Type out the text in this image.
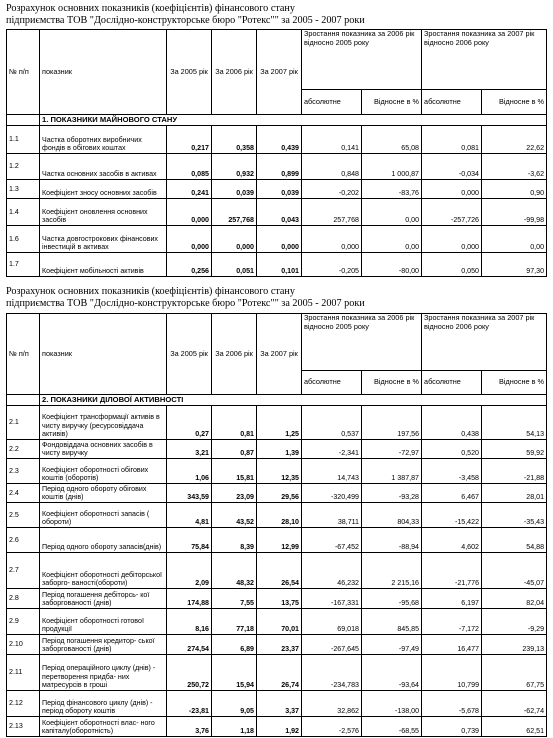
Розрахунок основних показників (коефіцієнтів) фінансового стану
підприємства ТОВ "Дослідно-конструкторське бюро "Ротекс"" за 2005 - 2007 роки
№ п/п	показник	За 2005 рік	За 2006 рік	За 2007 рік	Зростання показника за 2006 рік відносно 2005 року		Зростання показника за 2007 рік відносно 2006 року	
					абсолютне	Відносне в %	абсолютне	Відносне в %
	1. ПОКАЗНИКИ МАЙНОВОГО СТАНУ							
1.1	Частка оборотних виробничих фондів в обігових коштах	0,217	0,358	0,439	0,141	65,08	0,081	22,62
1.2	Частка основних засобів в активах	0,085	0,932	0,899	0,848	1 000,87	-0,034	-3,62
1.3	Коефіцієнт зносу основних засобів	0,241	0,039	0,039	-0,202	-83,76	0,000	0,90
1.4	Коефіцієнт оновлення основних засобів	0,000	257,768	0,043	257,768	0,00	-257,726	-99,98
1.6	Частка довгострокових фінансових інвестицій в активах	0,000	0,000	0,000	0,000	0,00	0,000	0,00
1.7	Коефіцієнт мобільності активів	0,256	0,051	0,101	-0,205	-80,00	0,050	97,30
Розрахунок основних показників (коефіцієнтів) фінансового стану
підприємства ТОВ "Дослідно-конструкторське бюро "Ротекс"" за 2005 - 2007 роки
№ п/п	показник	За 2005 рік	За 2006 рік	За 2007 рік	Зростання показника за 2006 рік відносно 2005 року		Зростання показника за 2007 рік відносно 2006 року	
					абсолютне	Відносне в %	абсолютне	Відносне в %
	2. ПОКАЗНИКИ ДІЛОВОЇ АКТИВНОСТІ							
2.1	Коефіцієнт трансформації активів в чисту виручку (ресурсовіддача активів)	0,27	0,81	1,25	0,537	197,56	0,438	54,13
2.2	Фондовіддача основних засобів в чисту виручку	3,21	0,87	1,39	-2,341	-72,97	0,520	59,92
2.3	Коефіцієнт оборотності обігових коштів (оборотів)	1,06	15,81	12,35	14,743	1 387,87	-3,458	-21,88
2.4	Період одного обороту обігових коштів (днів)	343,59	23,09	29,56	-320,499	-93,28	6,467	28,01
2.5	Коефіцієнт оборотності запасів ( обороти)	4,81	43,52	28,10	38,711	804,33	-15,422	-35,43
2.6	Період одного обороту запасів(днів)	75,84	8,39	12,99	-67,452	-88,94	4,602	54,88
2.7	Коефіцієнт оборотності дебіторської заборго- ваності(обороти)	2,09	48,32	26,54	46,232	2 215,16	-21,776	-45,07
2.8	Період погашення дебіторсь- кої заборгованості (днів)	174,88	7,55	13,75	-167,331	-95,68	6,197	82,04
2.9	Коефіцієнт оборотності готової продукції	8,16	77,18	70,01	69,018	845,85	-7,172	-9,29
2.10	Період погашення кредитор- ської заборгованості (днів)	274,54	6,89	23,37	-267,645	-97,49	16,477	239,13
2.11	Період операційного циклу (днів) - перетворення придба- них матресурсів в гроші	250,72	15,94	26,74	-234,783	-93,64	10,799	67,75
2.12	Період фінансового циклу (днів) - період обороту коштів	-23,81	9,05	3,37	32,862	-138,00	-5,678	-62,74
2.13	Коефіцієнт оборотності влас- ного капіталу(оборотність)	3,76	1,18	1,92	-2,576	-68,55	0,739	62,51
